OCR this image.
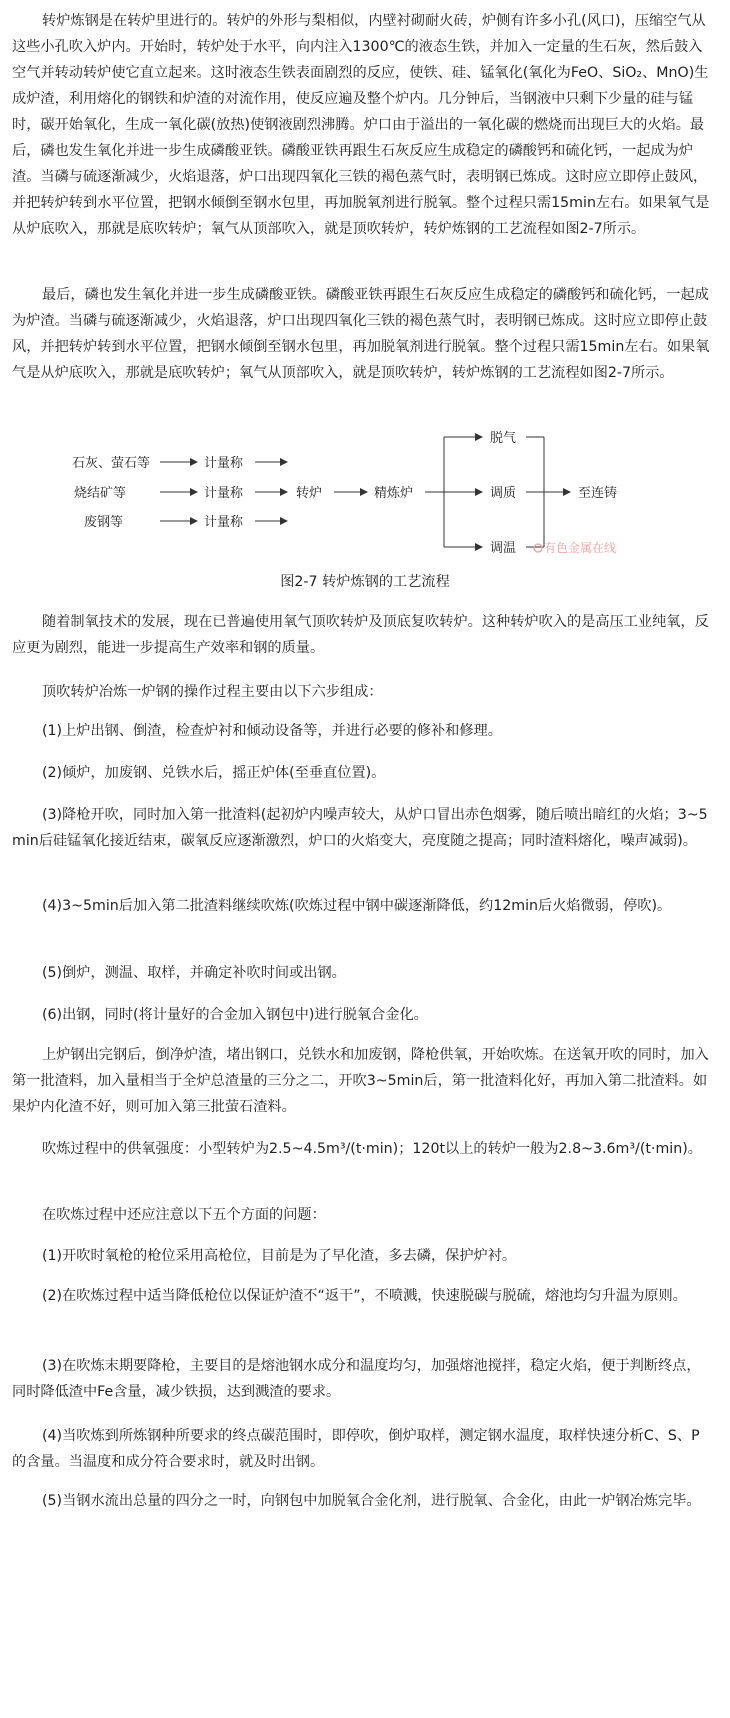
转炉炼钢是在转炉里进行的。转炉的外形与梨相似，内壁衬砌耐火砖，炉侧有许多小孔(风口)，压缩空气从这些小孔吹入炉内。开始时，转炉处于水平，向内注入1300℃的液态生铁，并加入一定量的生石灰，然后鼓入空气并转动转炉使它直立起来。这时液态生铁表面剧烈的反应，使铁、硅、锰氧化(氧化为FeO、SiO₂、MnO)生成炉渣，利用熔化的钢铁和炉渣的对流作用，使反应遍及整个炉内。几分钟后，当钢液中只剩下少量的硅与锰时，碳开始氧化，生成一氧化碳(放热)使钢液剧烈沸腾。炉口由于溢出的一氧化碳的燃烧而出现巨大的火焰。最后，磷也发生氧化并进一步生成磷酸亚铁。磷酸亚铁再跟生石灰反应生成稳定的磷酸钙和硫化钙，一起成为炉渣。当磷与硫逐渐减少，火焰退落，炉口出现四氧化三铁的褐色蒸气时，表明钢已炼成。这时应立即停止鼓风，并把转炉转到水平位置，把钢水倾倒至钢水包里，再加脱氧剂进行脱氧。整个过程只需15min左右。如果氧气是从炉底吹入，那就是底吹转炉；氧气从顶部吹入，就是顶吹转炉，转炉炼钢的工艺流程如图2-7所示。

最后，磷也发生氧化并进一步生成磷酸亚铁。磷酸亚铁再跟生石灰反应生成稳定的磷酸钙和硫化钙，一起成为炉渣。当磷与硫逐渐减少，火焰退落，炉口出现四氧化三铁的褐色蒸气时，表明钢已炼成。这时应立即停止鼓风，并把转炉转到水平位置，把钢水倾倒至钢水包里，再加脱氧剂进行脱氧。整个过程只需15min左右。如果氧气是从炉底吹入，那就是底吹转炉；氧气从顶部吹入，就是顶吹转炉，转炉炼钢的工艺流程如图2-7所示。

石灰、萤石等
烧结矿等
废钢等
计量称
计量称
计量称
转炉	精炼炉
脱气
调质
调温
至连铸
有色金属在线
图2-7 转炉炼钢的工艺流程

随着制氧技术的发展，现在已普遍使用氧气顶吹转炉及顶底复吹转炉。这种转炉吹入的是高压工业纯氧，反应更为剧烈，能进一步提高生产效率和钢的质量。

顶吹转炉冶炼一炉钢的操作过程主要由以下六步组成：

(1)上炉出钢、倒渣，检查炉衬和倾动设备等，并进行必要的修补和修理。

(2)倾炉，加废钢、兑铁水后，摇正炉体(至垂直位置)。

(3)降枪开吹，同时加入第一批渣料(起初炉内噪声较大，从炉口冒出赤色烟雾，随后喷出暗红的火焰；3~5min后硅锰氧化接近结束，碳氧反应逐渐激烈，炉口的火焰变大，亮度随之提高；同时渣料熔化，噪声减弱)。

(4)3~5min后加入第二批渣料继续吹炼(吹炼过程中钢中碳逐渐降低，约12min后火焰微弱，停吹)。

(5)倒炉，测温、取样，并确定补吹时间或出钢。

(6)出钢，同时(将计量好的合金加入钢包中)进行脱氧合金化。

上炉钢出完钢后，倒净炉渣，堵出钢口，兑铁水和加废钢，降枪供氧，开始吹炼。在送氧开吹的同时，加入第一批渣料，加入量相当于全炉总渣量的三分之二，开吹3~5min后，第一批渣料化好，再加入第二批渣料。如果炉内化渣不好，则可加入第三批萤石渣料。

吹炼过程中的供氧强度：小型转炉为2.5~4.5m³/(t·min)；120t以上的转炉一般为2.8~3.6m³/(t·min)。

在吹炼过程中还应注意以下五个方面的问题：

(1)开吹时氧枪的枪位采用高枪位，目前是为了早化渣，多去磷，保护炉衬。

(2)在吹炼过程中适当降低枪位以保证炉渣不“返干”，不喷溅，快速脱碳与脱硫，熔池均匀升温为原则。

(3)在吹炼末期要降枪，主要目的是熔池钢水成分和温度均匀，加强熔池搅拌，稳定火焰，便于判断终点，同时降低渣中Fe含量，减少铁损，达到溅渣的要求。

(4)当吹炼到所炼钢种所要求的终点碳范围时，即停吹，倒炉取样，测定钢水温度，取样快速分析C、S、P的含量。当温度和成分符合要求时，就及时出钢。

(5)当钢水流出总量的四分之一时，向钢包中加脱氧合金化剂，进行脱氧、合金化，由此一炉钢冶炼完毕。
